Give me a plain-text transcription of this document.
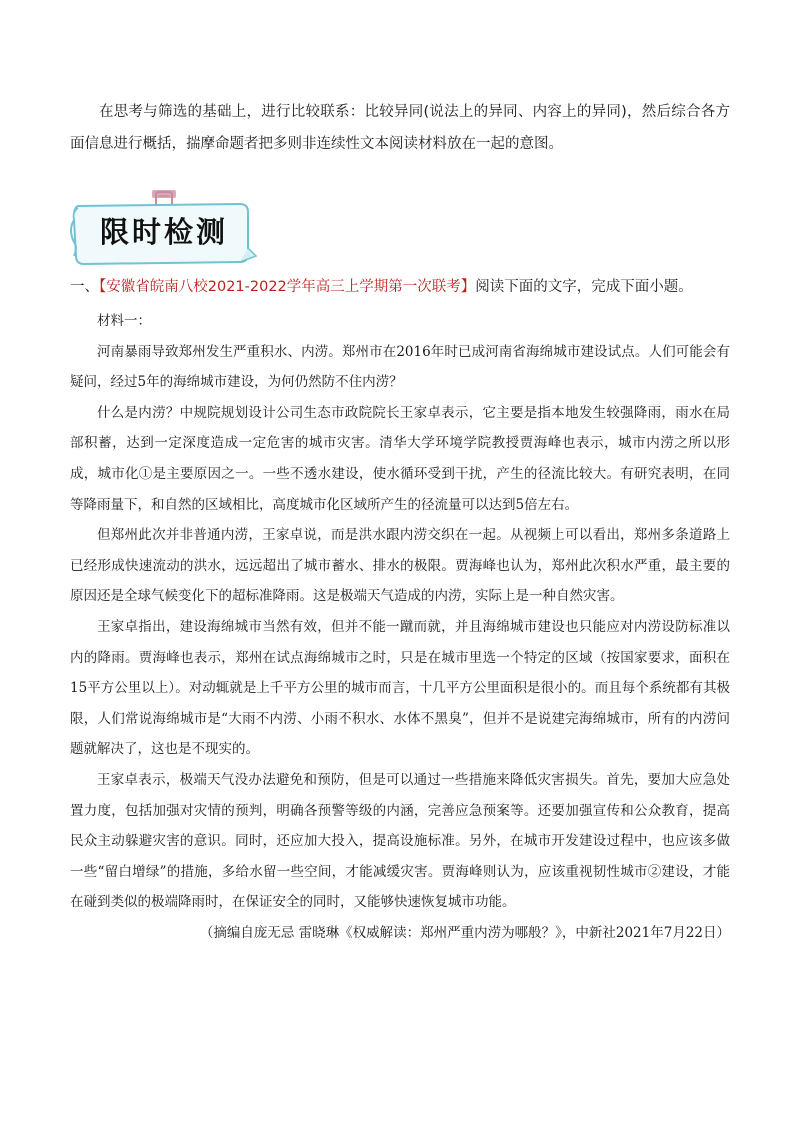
在思考与筛选的基础上，进行比较联系：比较异同(说法上的异同、内容上的异同)，然后综合各方面信息进行概括，揣摩命题者把多则非连续性文本阅读材料放在一起的意图。

限时检测

一、【安徽省皖南八校2021-2022学年高三上学期第一次联考】阅读下面的文字，完成下面小题。

材料一：

河南暴雨导致郑州发生严重积水、内涝。郑州市在2016年时已成河南省海绵城市建设试点。人们可能会有疑问，经过5年的海绵城市建设，为何仍然防不住内涝？

什么是内涝？中规院规划设计公司生态市政院院长王家卓表示，它主要是指本地发生较强降雨，雨水在局部积蓄，达到一定深度造成一定危害的城市灾害。清华大学环境学院教授贾海峰也表示，城市内涝之所以形成，城市化①是主要原因之一。一些不透水建设，使水循环受到干扰，产生的径流比较大。有研究表明，在同等降雨量下，和自然的区域相比，高度城市化区域所产生的径流量可以达到5倍左右。

但郑州此次并非普通内涝，王家卓说，而是洪水跟内涝交织在一起。从视频上可以看出，郑州多条道路上已经形成快速流动的洪水，远远超出了城市蓄水、排水的极限。贾海峰也认为，郑州此次积水严重，最主要的原因还是全球气候变化下的超标准降雨。这是极端天气造成的内涝，实际上是一种自然灾害。

王家卓指出，建设海绵城市当然有效，但并不能一蹴而就，并且海绵城市建设也只能应对内涝设防标准以内的降雨。贾海峰也表示，郑州在试点海绵城市之时，只是在城市里选一个特定的区域（按国家要求，面积在15平方公里以上）。对动辄就是上千平方公里的城市而言，十几平方公里面积是很小的。而且每个系统都有其极限，人们常说海绵城市是“大雨不内涝、小雨不积水、水体不黑臭”，但并不是说建完海绵城市，所有的内涝问题就解决了，这也是不现实的。

王家卓表示，极端天气没办法避免和预防，但是可以通过一些措施来降低灾害损失。首先，要加大应急处置力度，包括加强对灾情的预判，明确各预警等级的内涵，完善应急预案等。还要加强宣传和公众教育，提高民众主动躲避灾害的意识。同时，还应加大投入，提高设施标准。另外，在城市开发建设过程中，也应该多做一些“留白增绿”的措施，多给水留一些空间，才能减缓灾害。贾海峰则认为，应该重视韧性城市②建设，才能在碰到类似的极端降雨时，在保证安全的同时，又能够快速恢复城市功能。

（摘编自庞无忌 雷晓琳《权威解读：郑州严重内涝为哪般？》，中新社2021年7月22日）
